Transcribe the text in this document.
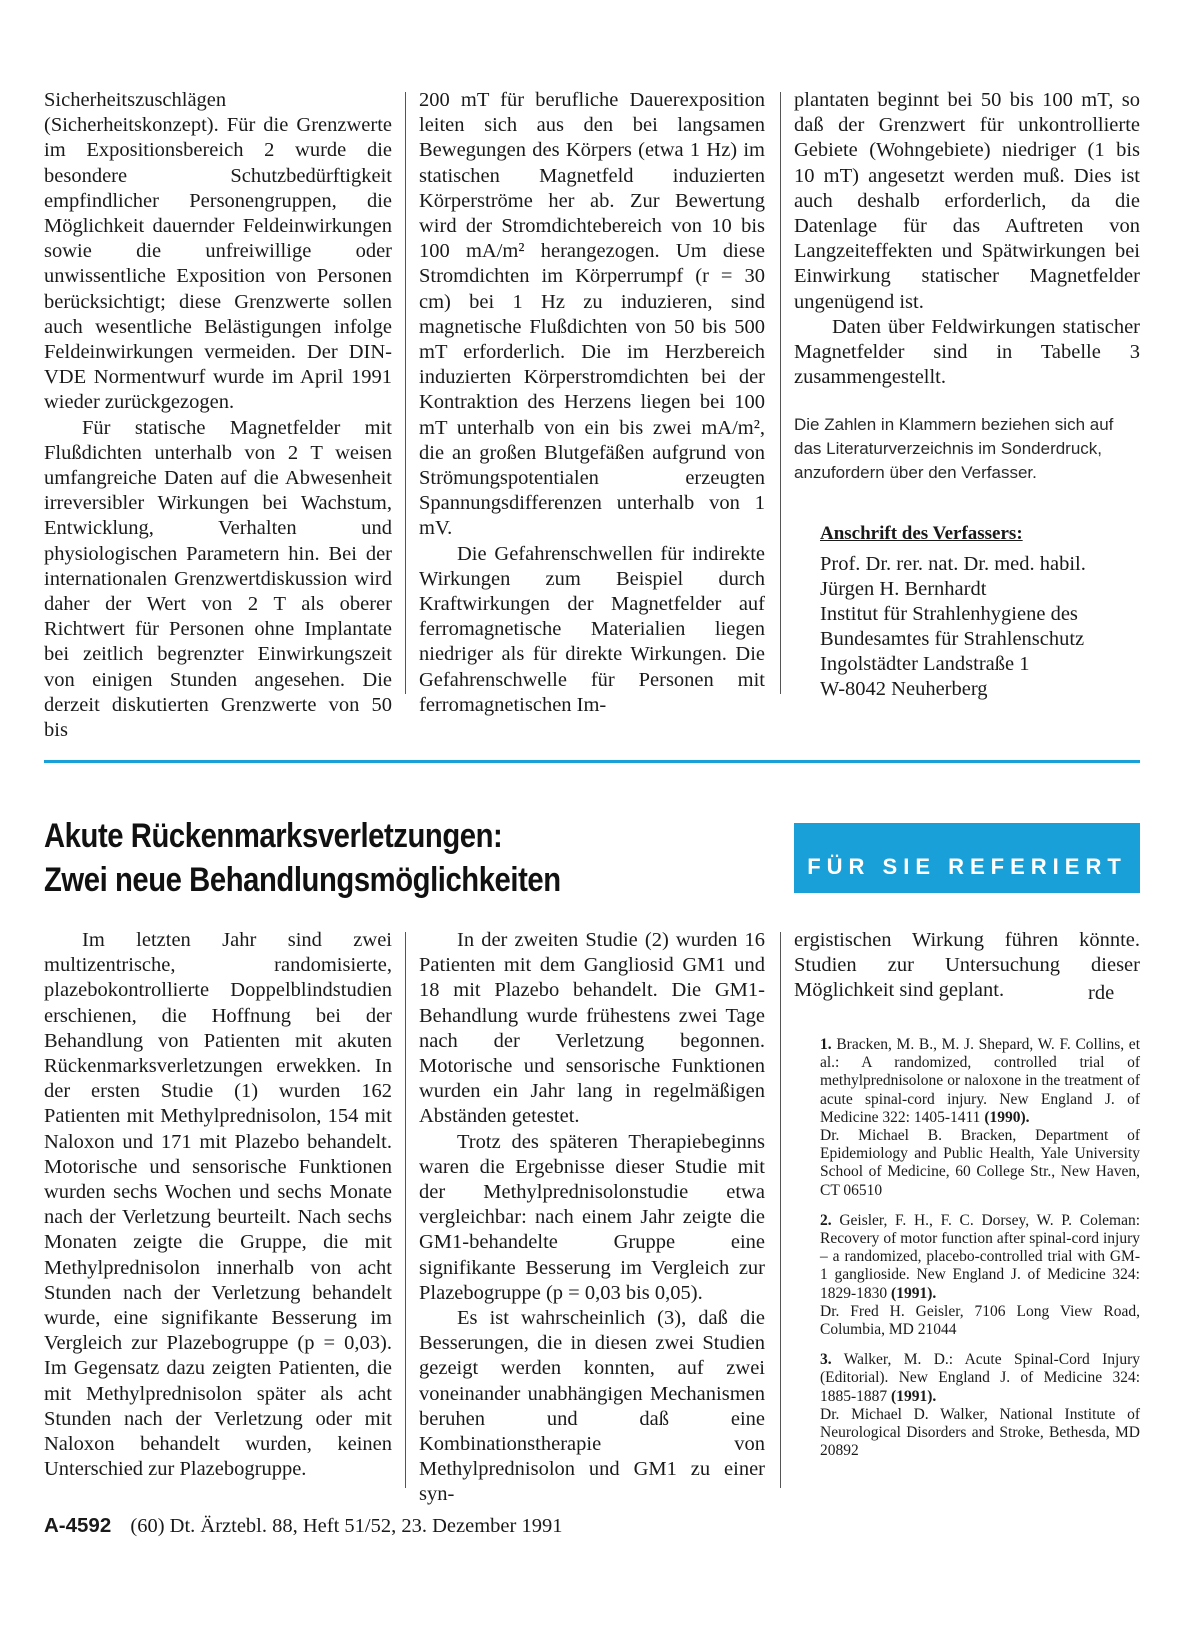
Sicherheitszuschlägen (Sicherheitskonzept). Für die Grenzwerte im Expositionsbereich 2 wurde die besondere Schutzbedürftigkeit empfindlicher Personengruppen, die Möglichkeit dauernder Feldeinwirkungen sowie die unfreiwillige oder unwissentliche Exposition von Personen berücksichtigt; diese Grenzwerte sollen auch wesentliche Belästigungen infolge Feldeinwirkungen vermeiden. Der DIN-VDE Normentwurf wurde im April 1991 wieder zurückgezogen.

Für statische Magnetfelder mit Flußdichten unterhalb von 2 T weisen umfangreiche Daten auf die Abwesenheit irreversibler Wirkungen bei Wachstum, Entwicklung, Verhalten und physiologischen Parametern hin. Bei der internationalen Grenzwertdiskussion wird daher der Wert von 2 T als oberer Richtwert für Personen ohne Implantate bei zeitlich begrenzter Einwirkungszeit von einigen Stunden angesehen. Die derzeit diskutierten Grenzwerte von 50 bis

200 mT für berufliche Dauerexposition leiten sich aus den bei langsamen Bewegungen des Körpers (etwa 1 Hz) im statischen Magnetfeld induzierten Körperströme her ab. Zur Bewertung wird der Stromdichtebereich von 10 bis 100 mA/m² herangezogen. Um diese Stromdichten im Körperrumpf (r = 30 cm) bei 1 Hz zu induzieren, sind magnetische Flußdichten von 50 bis 500 mT erforderlich. Die im Herzbereich induzierten Körperstromdichten bei der Kontraktion des Herzens liegen bei 100 mT unterhalb von ein bis zwei mA/m², die an großen Blutgefäßen aufgrund von Strömungspotentialen erzeugten Spannungsdifferenzen unterhalb von 1 mV.

Die Gefahrenschwellen für indirekte Wirkungen zum Beispiel durch Kraftwirkungen der Magnetfelder auf ferromagnetische Materialien liegen niedriger als für direkte Wirkungen. Die Gefahrenschwelle für Personen mit ferromagnetischen Im-

plantaten beginnt bei 50 bis 100 mT, so daß der Grenzwert für unkontrollierte Gebiete (Wohngebiete) niedriger (1 bis 10 mT) angesetzt werden muß. Dies ist auch deshalb erforderlich, da die Datenlage für das Auftreten von Langzeiteffekten und Spätwirkungen bei Einwirkung statischer Magnetfelder ungenügend ist.

Daten über Feldwirkungen statischer Magnetfelder sind in Tabelle 3 zusammengestellt.

Die Zahlen in Klammern beziehen sich auf das Literaturverzeichnis im Sonderdruck, anzufordern über den Verfasser.
Anschrift des Verfassers:
Prof. Dr. rer. nat. Dr. med. habil.
Jürgen H. Bernhardt
Institut für Strahlenhygiene des
Bundesamtes für Strahlenschutz
Ingolstädter Landstraße 1
W-8042 Neuherberg
Akute Rückenmarksverletzungen:
Zwei neue Behandlungsmöglichkeiten	FÜR SIE REFERIERT

Im letzten Jahr sind zwei multizentrische, randomisierte, plazebokontrollierte Doppelblindstudien erschienen, die Hoffnung bei der Behandlung von Patienten mit akuten Rückenmarksverletzungen erwekken. In der ersten Studie (1) wurden 162 Patienten mit Methylprednisolon, 154 mit Naloxon und 171 mit Plazebo behandelt. Motorische und sensorische Funktionen wurden sechs Wochen und sechs Monate nach der Verletzung beurteilt. Nach sechs Monaten zeigte die Gruppe, die mit Methylprednisolon innerhalb von acht Stunden nach der Verletzung behandelt wurde, eine signifikante Besserung im Vergleich zur Plazebogruppe (p = 0,03). Im Gegensatz dazu zeigten Patienten, die mit Methylprednisolon später als acht Stunden nach der Verletzung oder mit Naloxon behandelt wurden, keinen Unterschied zur Plazebogruppe.

In der zweiten Studie (2) wurden 16 Patienten mit dem Gangliosid GM1 und 18 mit Plazebo behandelt. Die GM1-Behandlung wurde frühestens zwei Tage nach der Verletzung begonnen. Motorische und sensorische Funktionen wurden ein Jahr lang in regelmäßigen Abständen getestet.

Trotz des späteren Therapiebeginns waren die Ergebnisse dieser Studie mit der Methylprednisolonstudie etwa vergleichbar: nach einem Jahr zeigte die GM1-behandelte Gruppe eine signifikante Besserung im Vergleich zur Plazebogruppe (p = 0,03 bis 0,05).

Es ist wahrscheinlich (3), daß die Besserungen, die in diesen zwei Studien gezeigt werden konnten, auf zwei voneinander unabhängigen Mechanismen beruhen und daß eine Kombinationstherapie von Methylprednisolon und GM1 zu einer syn-

ergistischen Wirkung führen könnte. Studien zur Untersuchung dieser Möglichkeit sind geplant.	rde
1. Bracken, M. B., M. J. Shepard, W. F. Collins, et al.: A randomized, controlled trial of methylprednisolone or naloxone in the treatment of acute spinal-cord injury. New England J. of Medicine 322: 1405-1411 (1990).
Dr. Michael B. Bracken, Department of Epidemiology and Public Health, Yale University School of Medicine, 60 College Str., New Haven, CT 06510
2. Geisler, F. H., F. C. Dorsey, W. P. Coleman: Recovery of motor function after spinal-cord injury – a randomized, placebo-controlled trial with GM-1 ganglioside. New England J. of Medicine 324: 1829-1830 (1991).
Dr. Fred H. Geisler, 7106 Long View Road, Columbia, MD 21044
3. Walker, M. D.: Acute Spinal-Cord Injury (Editorial). New England J. of Medicine 324: 1885-1887 (1991).
Dr. Michael D. Walker, National Institute of Neurological Disorders and Stroke, Bethesda, MD 20892
A-4592 (60) Dt. Ärztebl. 88, Heft 51/52, 23. Dezember 1991
